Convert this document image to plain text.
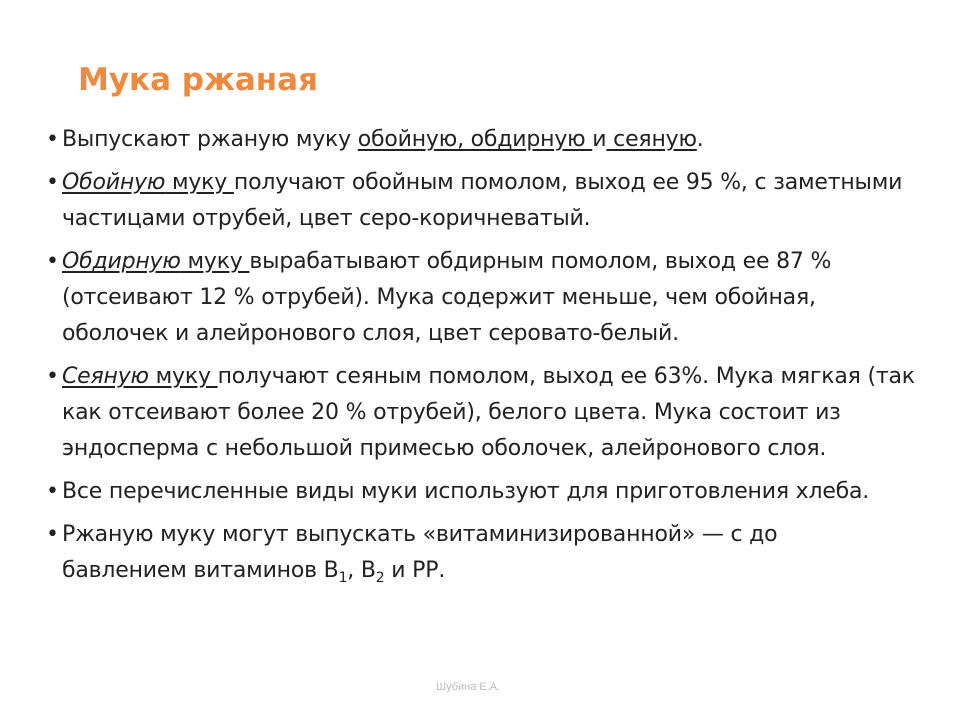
Мука ржаная
• Выпускают ржаную муку обойную, обдирную и сеяную.
• Обойную муку получают обойным помолом, выход ее 95 %, с заметными частицами отрубей, цвет серо-коричневатый.
• Обдирную муку вырабатывают обдирным помолом, выход ее 87 % (отсеивают 12 % отрубей). Мука содержит меньше, чем обойная, оболочек и алейронового слоя, цвет серовато-белый.
• Сеяную муку получают сеяным помолом, выход ее 63%. Мука мягкая (так как отсеивают более 20 % отрубей), белого цвета. Мука состоит из эндосперма с небольшой примесью оболочек, алейронового слоя.
• Все перечисленные виды муки используют для приготовления хлеба.
• Ржаную муку могут выпускать «витаминизированной» — с до
бавлением витаминов $В_1$, $В_2$ и РР.
Шубина Е.А.
